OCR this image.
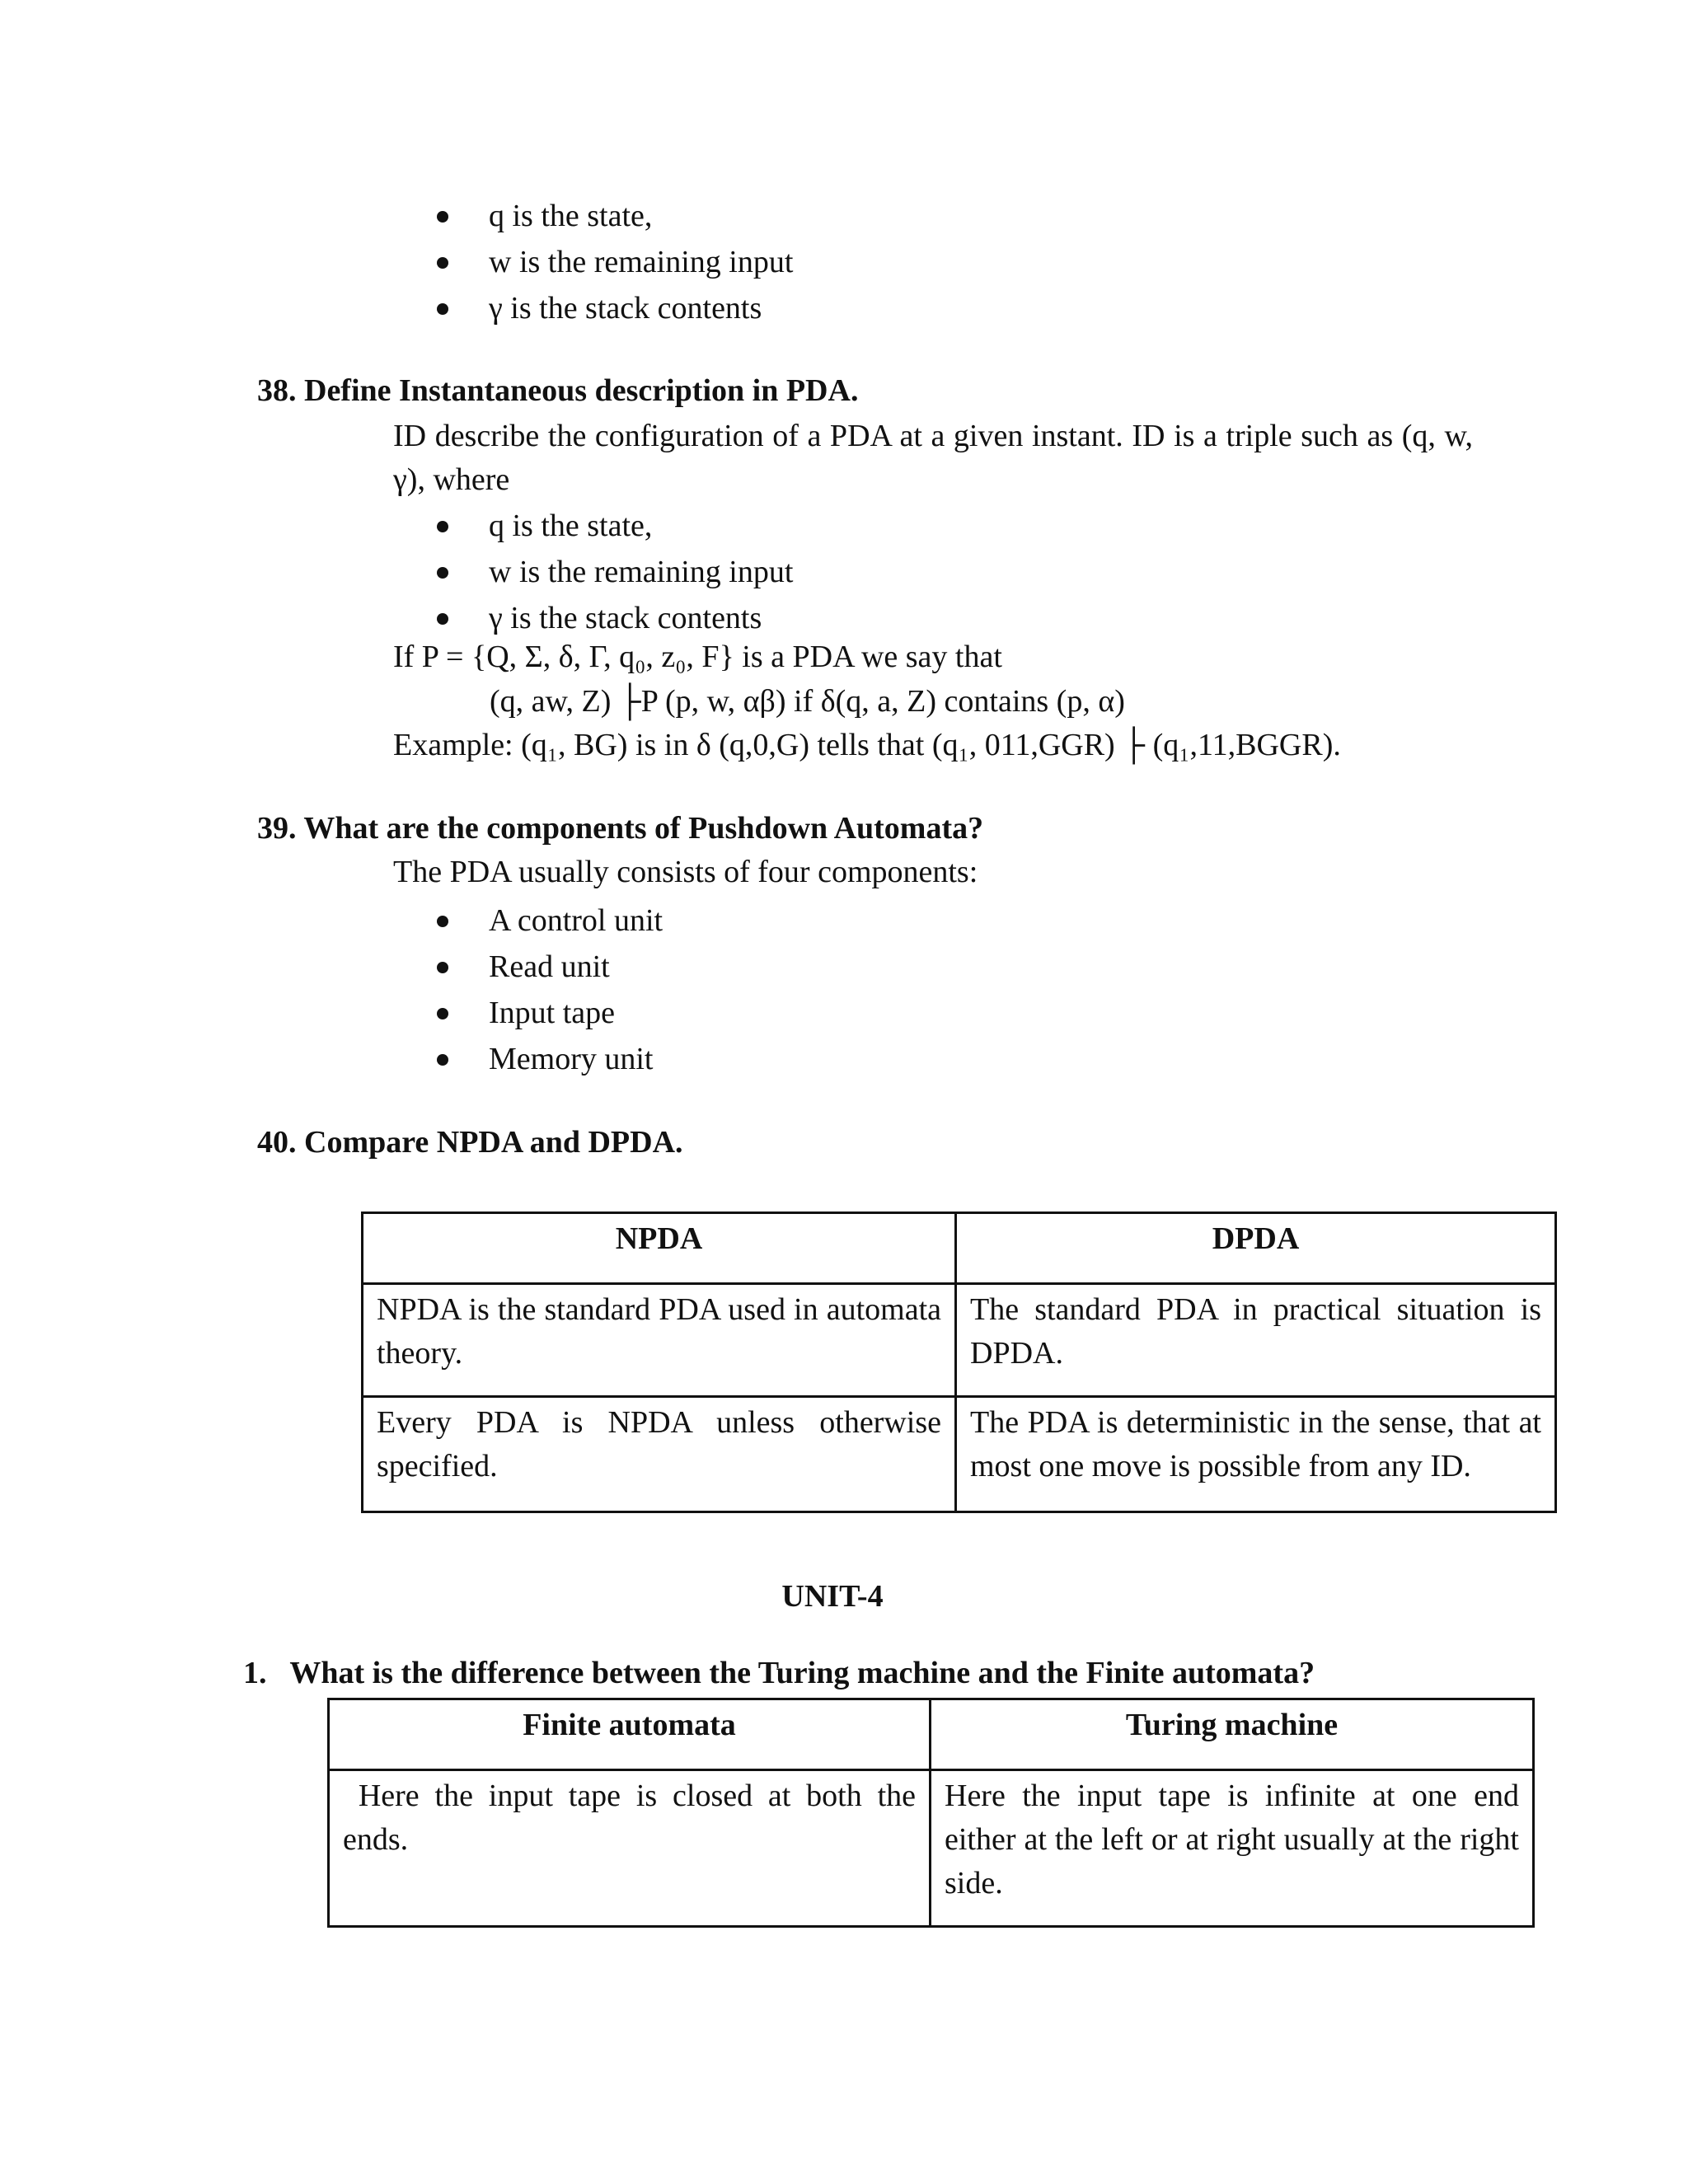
q is the state,
w is the remaining input
γ is the stack contents
38. Define Instantaneous description in PDA.
ID describe the configuration of a PDA at a given instant. ID is a triple such as (q, w, γ), where
q is the state,
w is the remaining input
γ is the stack contents
If P = {Q, Σ, δ, Γ, q₀, z₀, F} is a PDA we say that
(q, aw, Z) ├P (p, w, αβ) if δ(q, a, Z) contains (p, α)
Example: (q₁, BG) is in δ (q,0,G) tells that (q₁, 011,GGR) ├ (q₁,11,BGGR).
39. What are the components of Pushdown Automata?
The PDA usually consists of four components:
A control unit
Read unit
Input tape
Memory unit
40. Compare NPDA and DPDA.
NPDA	DPDA
NPDA is the standard PDA used in automata theory.	The standard PDA in practical situation is DPDA.
Every PDA is NPDA unless otherwise specified.	The PDA is deterministic in the sense, that at most one move is possible from any ID.
UNIT-4
1.   What is the difference between the Turing machine and the Finite automata?
Finite automata	Turing machine
Here the input tape is closed at both the ends.	Here the input tape is infinite at one end either at the left or at right usually at the right side.
